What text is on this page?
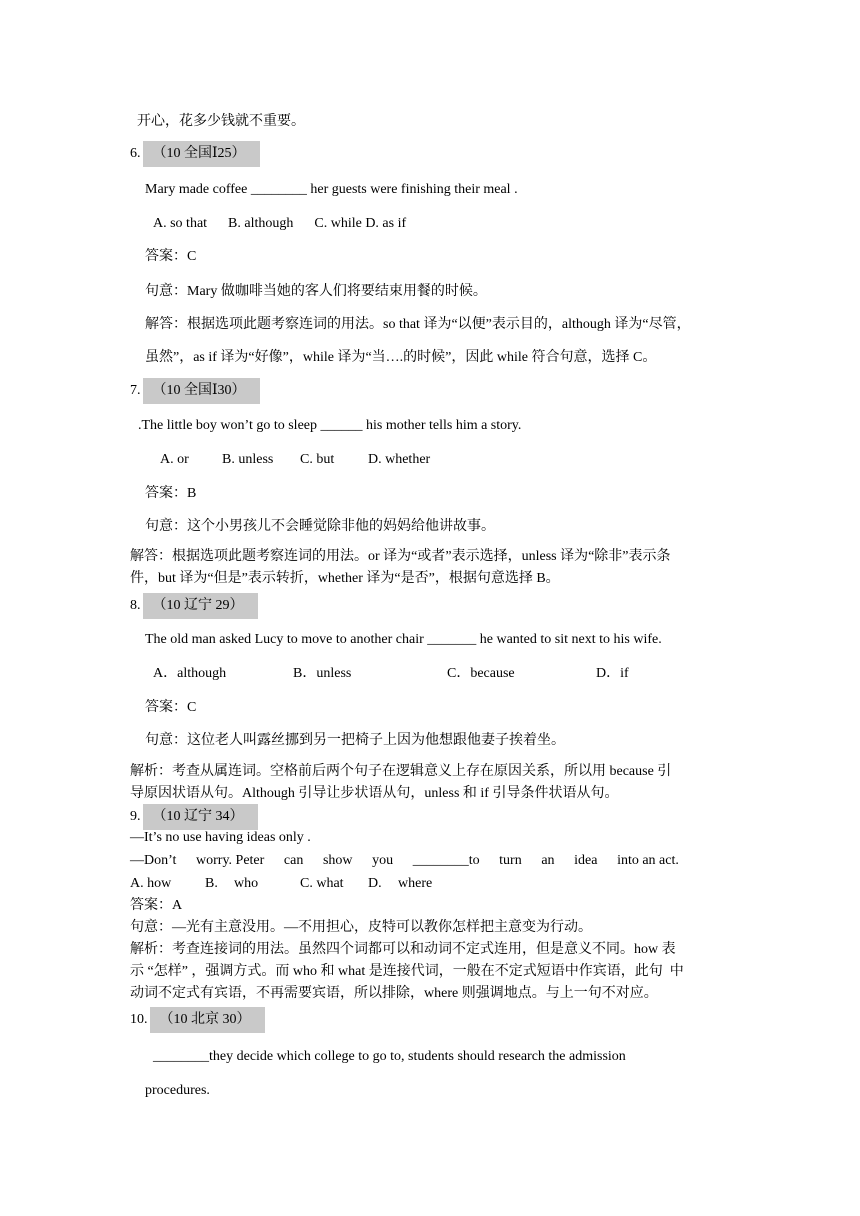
开心，花多少钱就不重要。
6. （10 全国Ⅰ25）
Mary made coffee ________ her guests were finishing their meal .
A. so that      B. although      C. while D. as if
答案：C
句意：Mary 做咖啡当她的客人们将要结束用餐的时候。
解答：根据选项此题考察连词的用法。so that 译为“以便”表示目的，although 译为“尽管，
虽然”，as if 译为“好像”，while 译为“当….的时候”，因此 while 符合句意，选择 C。
7. （10 全国Ⅰ30）
.The little boy won’t go to sleep ______ his mother tells him a story.
A. or B. unless C. but D. whether
答案：B
句意：这个小男孩儿不会睡觉除非他的妈妈给他讲故事。
解答：根据选项此题考察连词的用法。or 译为“或者”表示选择，unless 译为“除非”表示条
件，but 译为“但是”表示转折，whether 译为“是否”，根据句意选择 B。
8. （10 辽宁 29）
The old man asked Lucy to move to another chair _______ he wanted to sit next to his wife.
A．although	B．unless	C．because	D．if
答案：C
句意：这位老人叫露丝挪到另一把椅子上因为他想跟他妻子挨着坐。
解析：考查从属连词。空格前后两个句子在逻辑意义上存在原因关系，所以用 because 引
导原因状语从句。Although 引导让步状语从句，unless 和 if 引导条件状语从句。
9. （10 辽宁 34）
—It’s no use having ideas only .
—Don’t worry. Peter can show you ________to turn an idea into an act.
A. how B. who	C. what D. where
答案：A
句意：—光有主意没用。—不用担心，皮特可以教你怎样把主意变为行动。
解析：考查连接词的用法。虽然四个词都可以和动词不定式连用，但是意义不同。how 表
示 “怎样” ，强调方式。而 who 和 what 是连接代词，一般在不定式短语中作宾语，此句  中
动词不定式有宾语，不再需要宾语，所以排除，where 则强调地点。与上一句不对应。
10. （10 北京 30）
________they decide which college to go to, students should research the admission
procedures.
